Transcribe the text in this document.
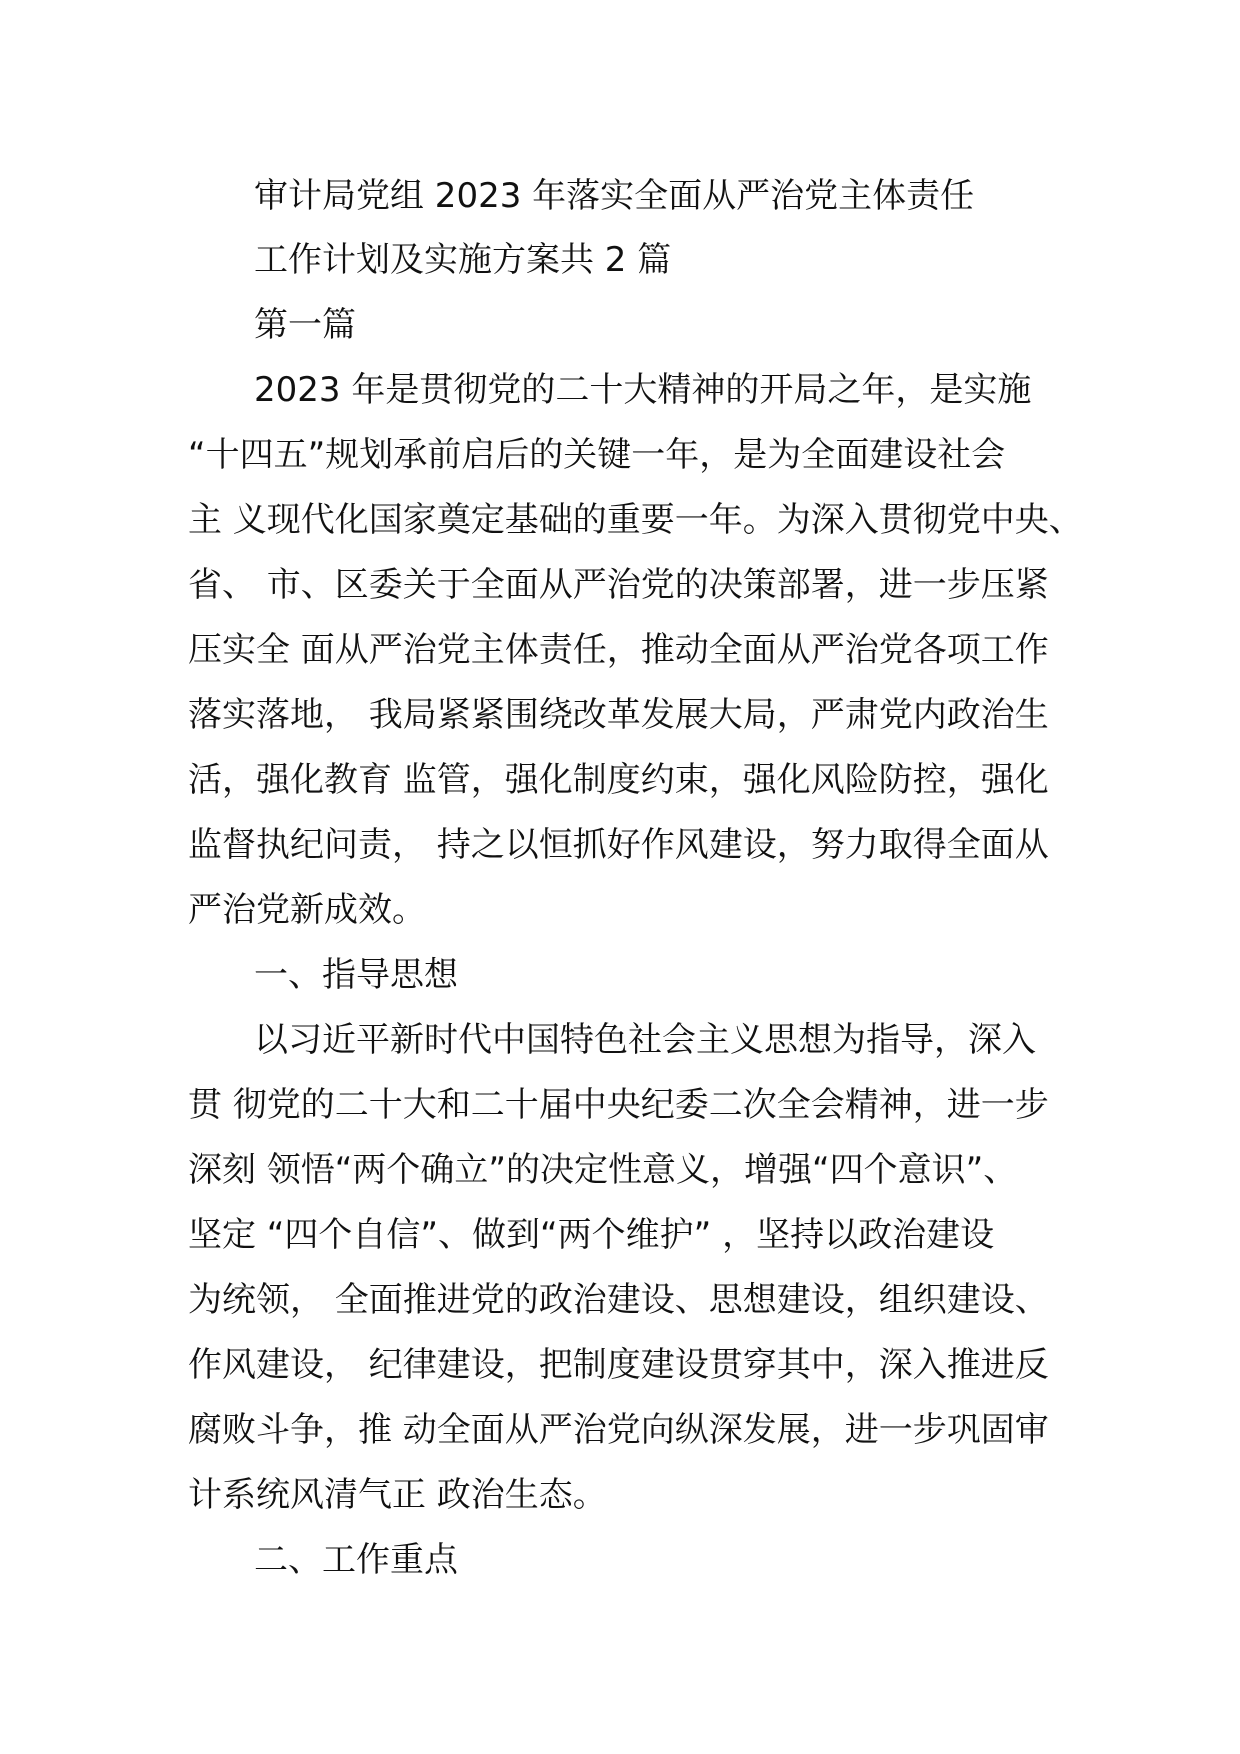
审计局党组 2023 年落实全面从严治党主体责任
工作计划及实施方案共 2 篇
第一篇
2023 年是贯彻党的二十大精神的开局之年，是实施
“十四五”规划承前启后的关键一年，是为全面建设社会
主 义现代化国家奠定基础的重要一年。为深入贯彻党中央、
省、 市、区委关于全面从严治党的决策部署，进一步压紧
压实全 面从严治党主体责任，推动全面从严治党各项工作
落实落地， 我局紧紧围绕改革发展大局，严肃党内政治生
活，强化教育 监管，强化制度约束，强化风险防控，强化
监督执纪问责， 持之以恒抓好作风建设，努力取得全面从
严治党新成效。
一、指导思想
以习近平新时代中国特色社会主义思想为指导，深入
贯 彻党的二十大和二十届中央纪委二次全会精神，进一步
深刻 领悟“两个确立”的决定性意义，增强“四个意识”、
坚定 “四个自信”、做到“两个维护” ，坚持以政治建设
为统领， 全面推进党的政治建设、思想建设，组织建设、
作风建设， 纪律建设，把制度建设贯穿其中，深入推进反
腐败斗争，推 动全面从严治党向纵深发展，进一步巩固审
计系统风清气正 政治生态。
二、工作重点
